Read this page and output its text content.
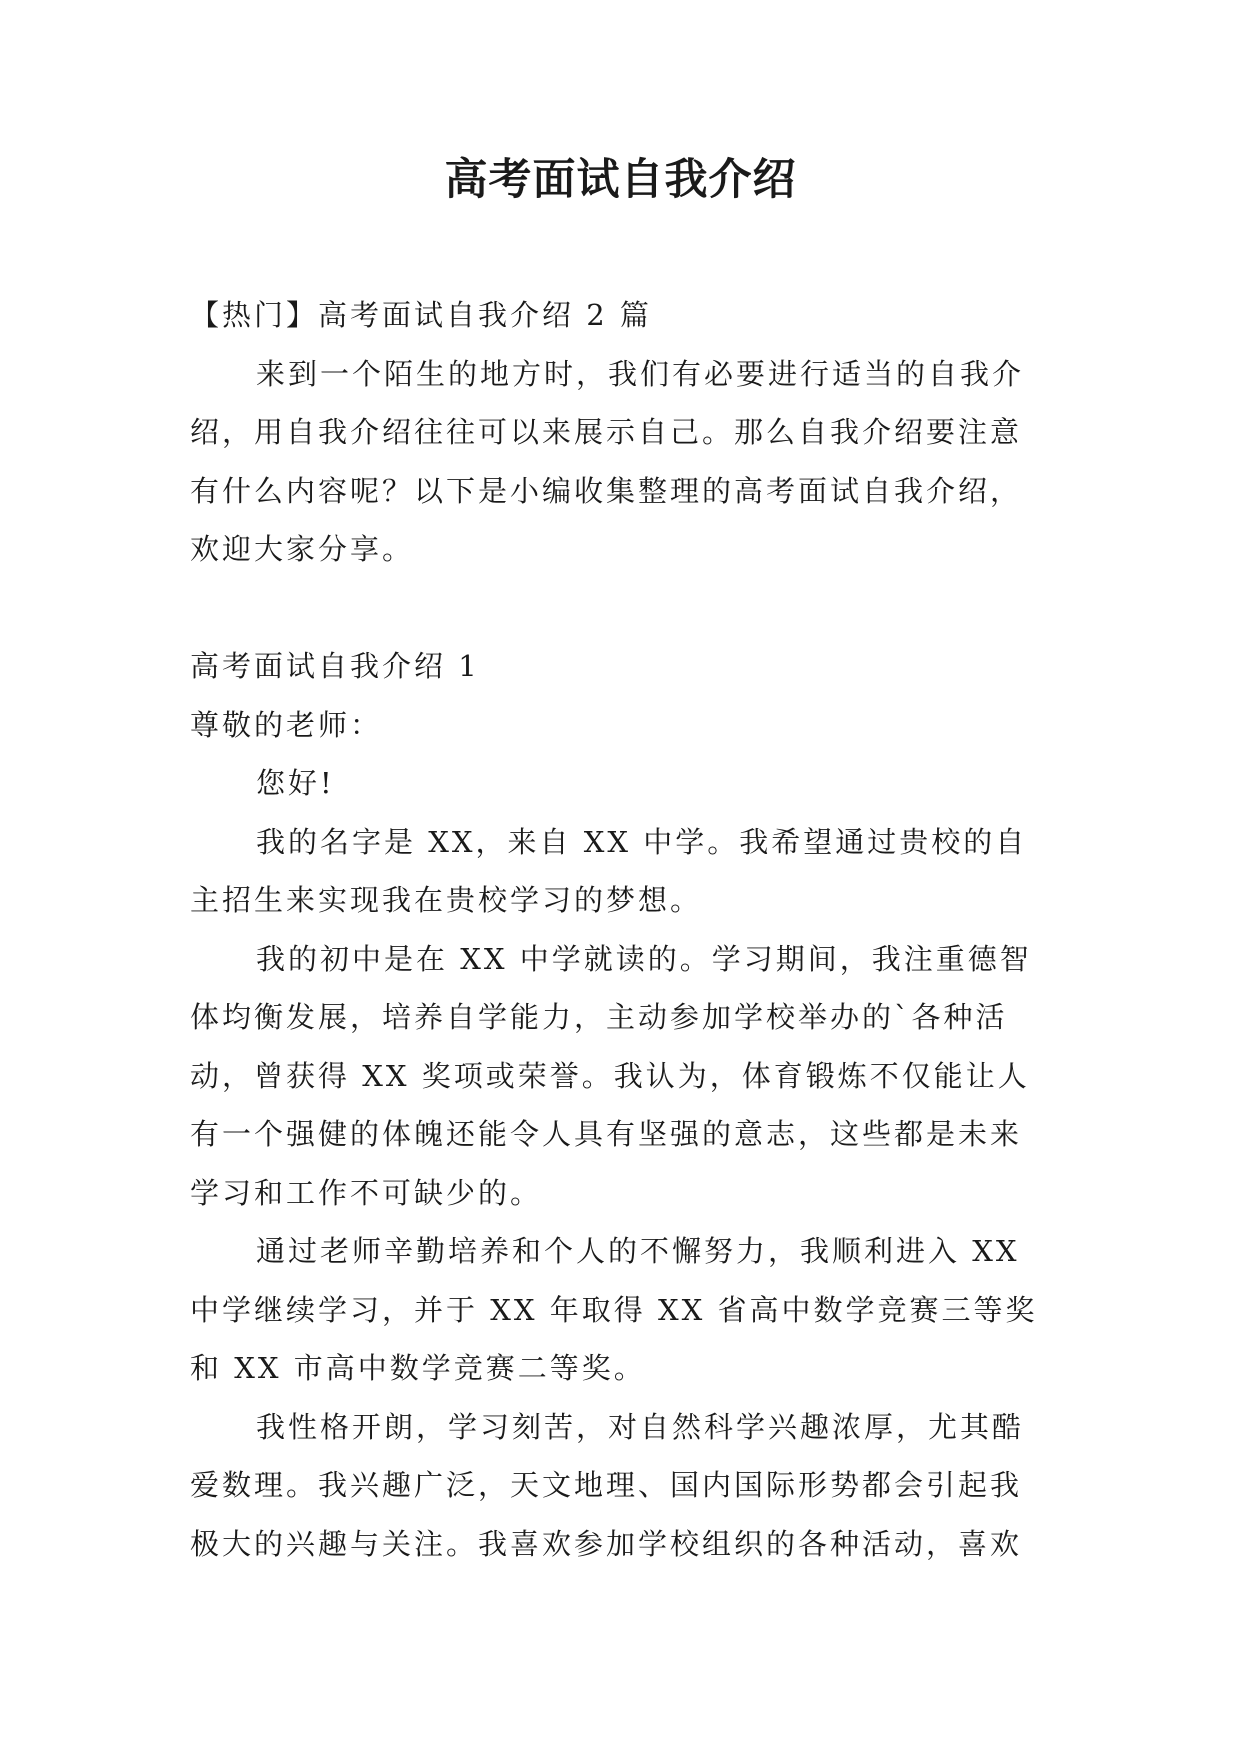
高考面试自我介绍

【热门】高考面试自我介绍 2 篇

来到一个陌生的地方时，我们有必要进行适当的自我介绍，用自我介绍往往可以来展示自己。那么自我介绍要注意有什么内容呢？以下是小编收集整理的高考面试自我介绍，欢迎大家分享。

高考面试自我介绍 1

尊敬的老师：

您好!

我的名字是 XX，来自 XX 中学。我希望通过贵校的自主招生来实现我在贵校学习的梦想。

我的初中是在 XX 中学就读的。学习期间，我注重德智体均衡发展，培养自学能力，主动参加学校举办的`各种活动，曾获得 XX 奖项或荣誉。我认为，体育锻炼不仅能让人有一个强健的体魄还能令人具有坚强的意志，这些都是未来学习和工作不可缺少的。

通过老师辛勤培养和个人的不懈努力，我顺利进入 XX 中学继续学习，并于 XX 年取得 XX 省高中数学竞赛三等奖和 XX 市高中数学竞赛二等奖。

我性格开朗，学习刻苦，对自然科学兴趣浓厚，尤其酷爱数理。我兴趣广泛，天文地理、国内国际形势都会引起我极大的兴趣与关注。我喜欢参加学校组织的各种活动，喜欢
